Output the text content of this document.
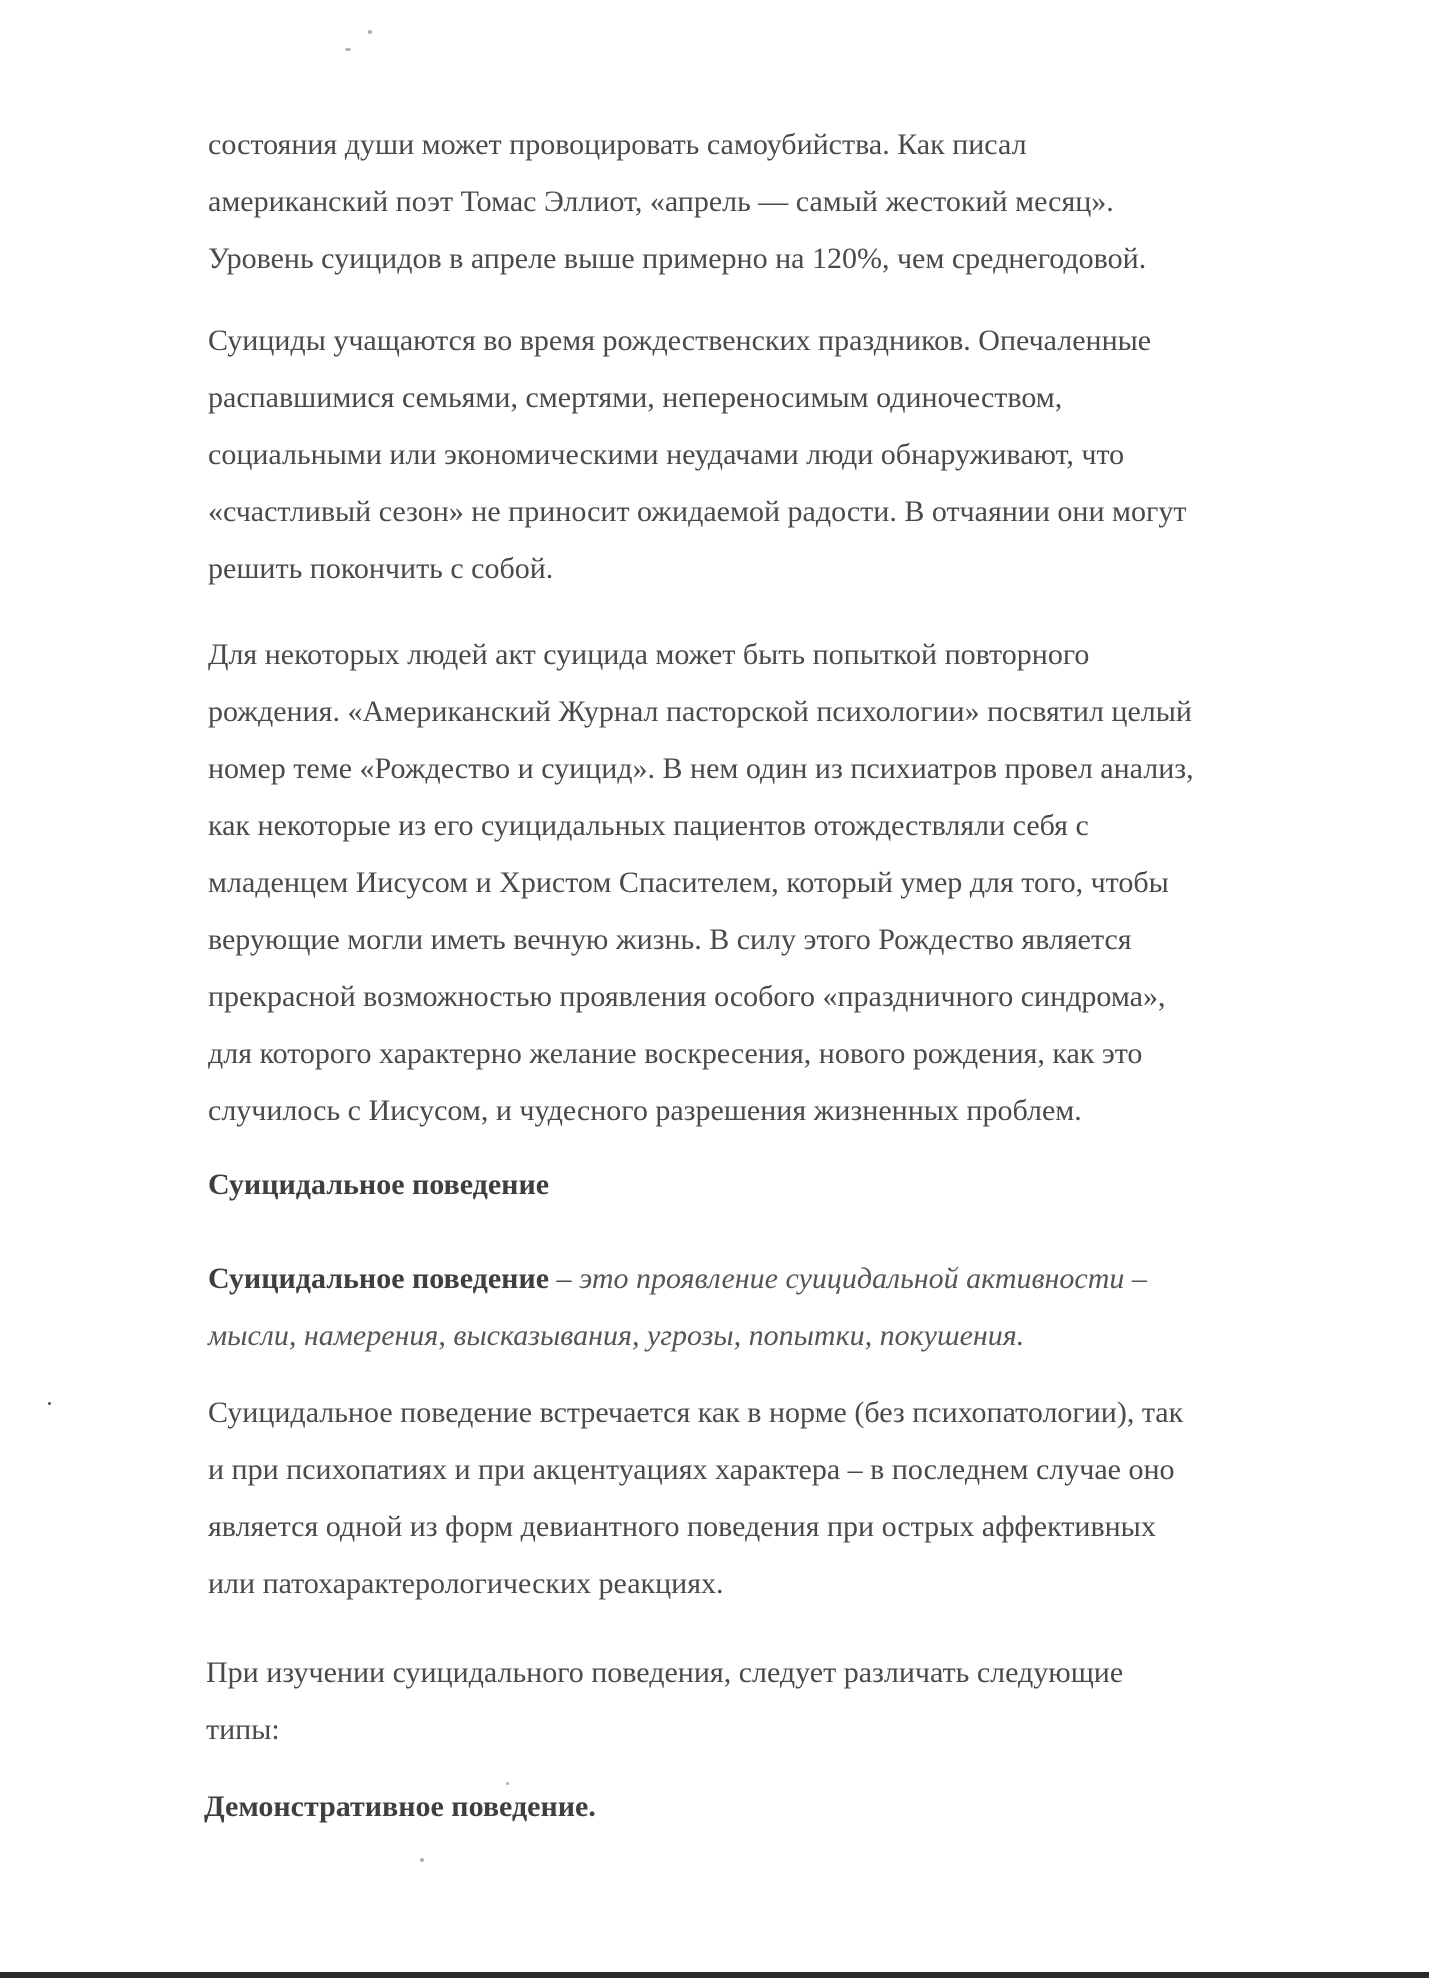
состояния души может провоцировать самоубийства. Как писал
американский поэт Томас Эллиот, «апрель — самый жестокий месяц».
Уровень суицидов в апреле выше примерно на 120%, чем среднегодовой.
Суициды учащаются во время рождественских праздников. Опечаленные
распавшимися семьями, смертями, непереносимым одиночеством,
социальными или экономическими неудачами люди обнаруживают, что
«счастливый сезон» не приносит ожидаемой радости. В отчаянии они могут
решить покончить с собой.
Для некоторых людей акт суицида может быть попыткой повторного
рождения. «Американский Журнал пасторской психологии» посвятил целый
номер теме «Рождество и суицид». В нем один из психиатров провел анализ,
как некоторые из его суицидальных пациентов отождествляли себя с
младенцем Иисусом и Христом Спасителем, который умер для того, чтобы
верующие могли иметь вечную жизнь. В силу этого Рождество является
прекрасной возможностью проявления особого «праздничного синдрома»,
для которого характерно желание воскресения, нового рождения, как это
случилось с Иисусом, и чудесного разрешения жизненных проблем.
Суицидальное поведение
Суицидальное поведение – это проявление суицидальной активности –
мысли, намерения, высказывания, угрозы, попытки, покушения.
Суицидальное поведение встречается как в норме (без психопатологии), так
и при психопатиях и при акцентуациях характера – в последнем случае оно
является одной из форм девиантного поведения при острых аффективных
или патохарактерологических реакциях.
При изучении суицидального поведения, следует различать следующие
типы:
Демонстративное поведение.
